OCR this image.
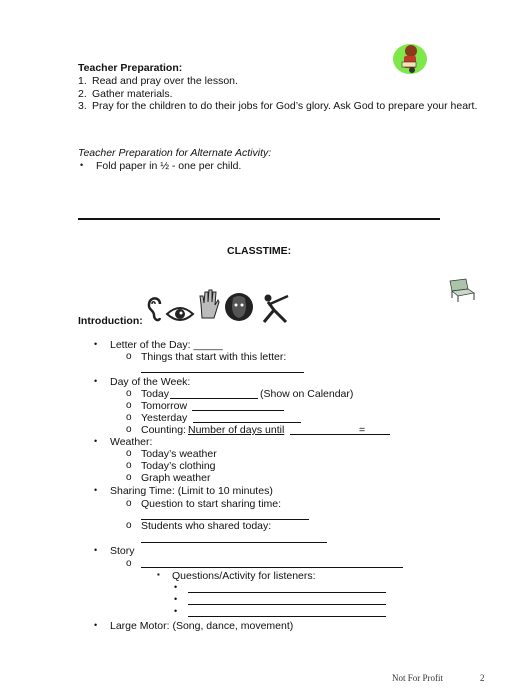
Teacher Preparation:
1. Read and pray over the lesson.
2. Gather materials.
3. Pray for the children to do their jobs for God’s glory. Ask God to prepare your heart.
Teacher Preparation for Alternate Activity:
• Fold paper in ½ - one per child.
CLASSTIME:
Introduction:
• Letter of the Day: _____
o Things that start with this letter:
• Day of the Week:
o Today	(Show on Calendar)
o Tomorrow
o Yesterday
o Counting: Number of days until	=
• Weather:
o Today’s weather
o Today’s clothing
o Graph weather
• Sharing Time: (Limit to 10 minutes)
o Question to start sharing time:
o Students who shared today:
• Story
o
▪ Questions/Activity for listeners:
•
•
•
• Large Motor: (Song, dance, movement)
Not For Profit	2
